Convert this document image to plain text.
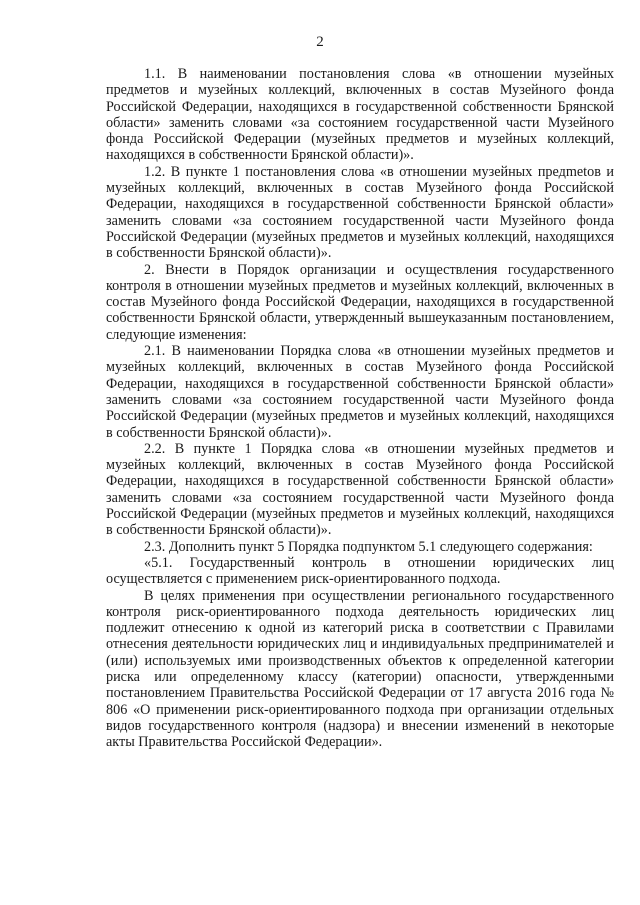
2

1.1. В наименовании постановления слова «в отношении музейных предметов и музейных коллекций, включенных в состав Музейного фонда Российской Федерации, находящихся в государственной собственности Брянской области» заменить словами «за состоянием государственной части Музейного фонда Российской Федерации (музейных предметов и музейных коллекций, находящихся в собственности Брянской области)».

1.2. В пункте 1 постановления слова «в отношении музейных предmetов и музейных коллекций, включенных в состав Музейного фонда Российской Федерации, находящихся в государственной собственности Брянской области» заменить словами «за состоянием государственной части Музейного фонда Российской Федерации (музейных предметов и музейных коллекций, находящихся в собственности Брянской области)».

2. Внести в Порядок организации и осуществления государственного контроля в отношении музейных предметов и музейных коллекций, включенных в состав Музейного фонда Российской Федерации, находящихся в государственной собственности Брянской области, утвержденный вышеуказанным постановлением, следующие изменения:

2.1. В наименовании Порядка слова «в отношении музейных предметов и музейных коллекций, включенных в состав Музейного фонда Российской Федерации, находящихся в государственной собственности Брянской области» заменить словами «за состоянием государственной части Музейного фонда Российской Федерации (музейных предметов и музейных коллекций, находящихся в собственности Брянской области)».

2.2. В пункте 1 Порядка слова «в отношении музейных предметов и музейных коллекций, включенных в состав Музейного фонда Российской Федерации, находящихся в государственной собственности Брянской области» заменить словами «за состоянием государственной части Музейного фонда Российской Федерации (музейных предметов и музейных коллекций, находящихся в собственности Брянской области)».

2.3. Дополнить пункт 5 Порядка подпунктом 5.1 следующего содержания:

«5.1. Государственный контроль в отношении юридических лиц осуществляется с применением риск-ориентированного подхода.

В целях применения при осуществлении регионального государственного контроля риск-ориентированного подхода деятельность юридических лиц подлежит отнесению к одной из категорий риска в соответствии с Правилами отнесения деятельности юридических лиц и индивидуальных предпринимателей и (или) используемых ими производственных объектов к определенной категории риска или определенному классу (категории) опасности, утвержденными постановлением Правительства Российской Федерации от 17 августа 2016 года № 806 «О применении риск-ориентированного подхода при организации отдельных видов государственного контроля (надзора) и внесении изменений в некоторые акты Правительства Российской Федерации».
